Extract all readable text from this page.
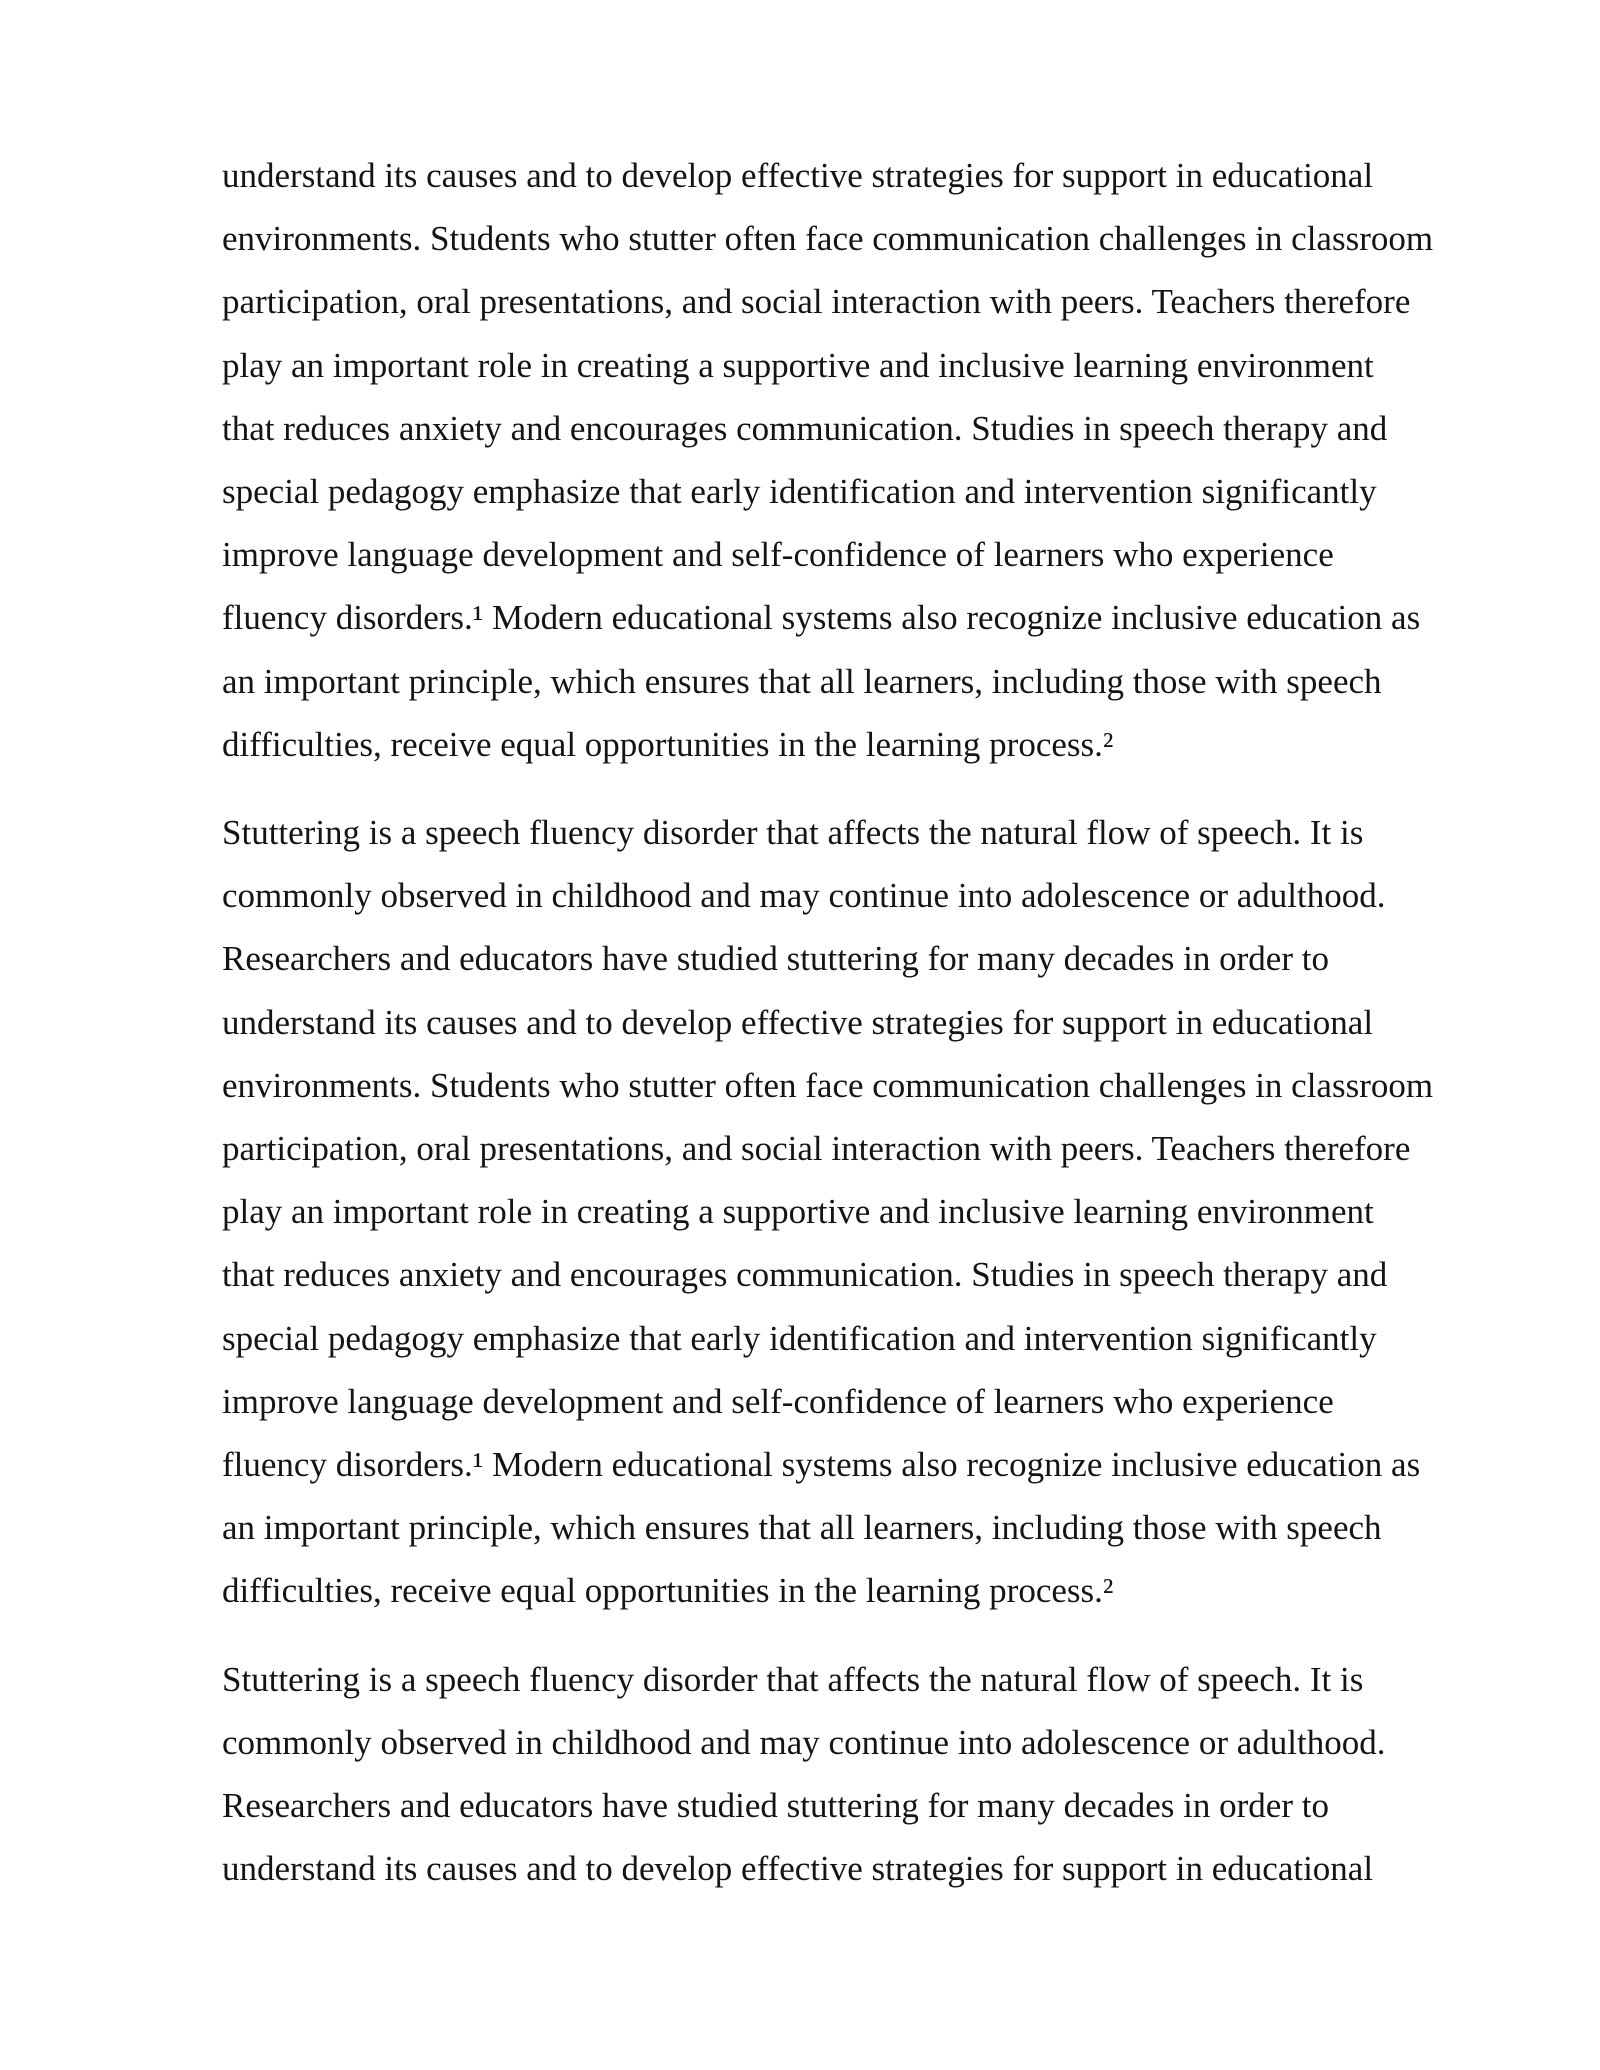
understand its causes and to develop effective strategies for support in educational
environments. Students who stutter often face communication challenges in classroom
participation, oral presentations, and social interaction with peers. Teachers therefore
play an important role in creating a supportive and inclusive learning environment
that reduces anxiety and encourages communication. Studies in speech therapy and
special pedagogy emphasize that early identification and intervention significantly
improve language development and self-confidence of learners who experience
fluency disorders.¹ Modern educational systems also recognize inclusive education as
an important principle, which ensures that all learners, including those with speech
difficulties, receive equal opportunities in the learning process.²

Stuttering is a speech fluency disorder that affects the natural flow of speech. It is
commonly observed in childhood and may continue into adolescence or adulthood.
Researchers and educators have studied stuttering for many decades in order to
understand its causes and to develop effective strategies for support in educational
environments. Students who stutter often face communication challenges in classroom
participation, oral presentations, and social interaction with peers. Teachers therefore
play an important role in creating a supportive and inclusive learning environment
that reduces anxiety and encourages communication. Studies in speech therapy and
special pedagogy emphasize that early identification and intervention significantly
improve language development and self-confidence of learners who experience
fluency disorders.¹ Modern educational systems also recognize inclusive education as
an important principle, which ensures that all learners, including those with speech
difficulties, receive equal opportunities in the learning process.²

Stuttering is a speech fluency disorder that affects the natural flow of speech. It is
commonly observed in childhood and may continue into adolescence or adulthood.
Researchers and educators have studied stuttering for many decades in order to
understand its causes and to develop effective strategies for support in educational
